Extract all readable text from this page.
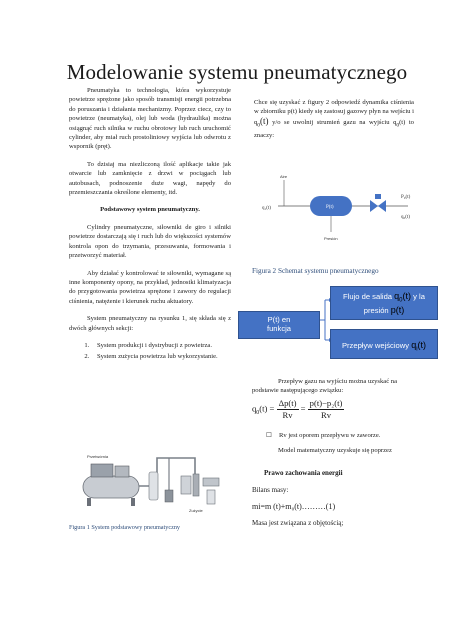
Modelowanie systemu pneumatycznego

Pneumatyka to technologia, która wykorzystuje powietrze sprężone jako sposób transmisji energii potrzebna do poruszania i działania mechanizmy. Poprzez ciecz, czy to powietrze (neumatyka), olej lub woda (hydraulika) można osiągnąć ruch silnika w ruchu obrotowy lub ruch uruchomić cylinder, aby miał ruch prostoliniowy wyjścia lub odwrotu z wspornik (pręt).

To dzisiaj ma niezliczoną ilość aplikacje takie jak otwarcie lub zamknięcie z drzwi w pociągach lub autobusach, podnoszenie duże wagi, napędy do przemieszczania określone elementy, itd.

Podstawowy system pneumatyczny.

Cylindry pneumatyczne, siłowniki de giro i silniki powietrze dostarczają się i ruch lub do większości systemów kontrola opon do trzymania, przesuwania, formowania i przetworzyć materiał.

Aby działać y kontrolować te siłowniki, wymagane są inne komponenty opony, na przykład, jednostki klimatyzacja do przygotowania powietrza sprężone i zawory do regulacji ciśnienia, natężenie i kierunek ruchu aktuatory.

System pneumatyczny na rysunku 1, się składa się z dwóch głównych sekcji:

1. System produkcji i dystrybucji z powietrza.
2. System zużycia powietrza lub wykorzystanie.
Przetwórnia
Zużycie
Figura 1 System podstawowy pneumatyczny

Chce się uzyskać z figury 2 odpowiedź dynamika ciśnienia w zbiorniku p(t) kiedy się zastosuj gazowy płyn na wejściu i $q_0(t)$ y/o se uwolnij strumień gazu na wyjściu $q_0(t)$ to znaczy:

Aire
q₁(t)	P(t)
P₀(t)
q₀(t)
Presión
Figura 2 Schemat systemu pneumatycznego
P(t) en
funkcja
Flujo de salida $q_0(t)$ y la
presión p(t)
Przepływ wejściowy $q_i(t)$
Przepływ gazu na wyjściu można uzyskać na podstawie następującego związku:
$q_0(t) = \frac{\Delta p(t)}{Rv} = \frac{\text{p(t)−p₂(t)}}{Rv}$
☐ Rv jest oporem przepływu w zaworze.
Model matematyczny uzyskuje się poprzez
Prawo zachowania energii
Bilans masy:
mi=m (t)+m₀(t)………(1)
Masa jest związana z objętością;
